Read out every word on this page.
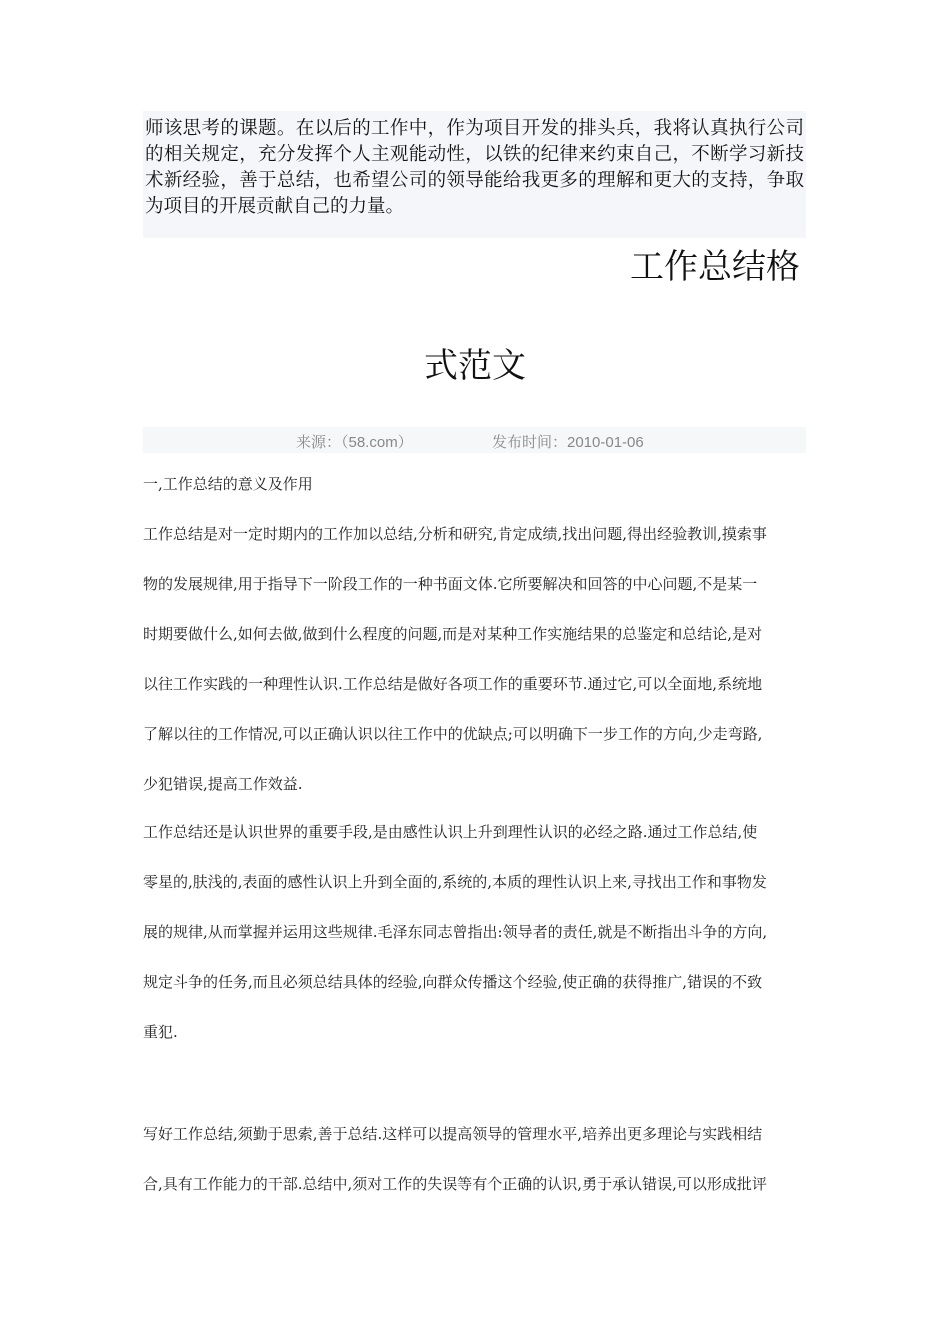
师该思考的课题。在以后的工作中，作为项目开发的排头兵，我将认真执行公司的相关规定，充分发挥个人主观能动性，以铁的纪律来约束自己，不断学习新技术新经验，善于总结，也希望公司的领导能给我更多的理解和更大的支持，争取为项目的开展贡献自己的力量。

工作总结格
式范文
来源：（58.com）	发布时间：2010-01-06

一,工作总结的意义及作用

工作总结是对一定时期内的工作加以总结,分析和研究,肯定成绩,找出问题,得出经验教训,摸索事

物的发展规律,用于指导下一阶段工作的一种书面文体.它所要解决和回答的中心问题,不是某一

时期要做什么,如何去做,做到什么程度的问题,而是对某种工作实施结果的总鉴定和总结论,是对

以往工作实践的一种理性认识.工作总结是做好各项工作的重要环节.通过它,可以全面地,系统地

了解以往的工作情况,可以正确认识以往工作中的优缺点;可以明确下一步工作的方向,少走弯路,

少犯错误,提高工作效益.

工作总结还是认识世界的重要手段,是由感性认识上升到理性认识的必经之路.通过工作总结,使

零星的,肤浅的,表面的感性认识上升到全面的,系统的,本质的理性认识上来,寻找出工作和事物发

展的规律,从而掌握并运用这些规律.毛泽东同志曾指出:领导者的责任,就是不断指出斗争的方向,

规定斗争的任务,而且必须总结具体的经验,向群众传播这个经验,使正确的获得推广,错误的不致

重犯.

写好工作总结,须勤于思索,善于总结.这样可以提高领导的管理水平,培养出更多理论与实践相结

合,具有工作能力的干部.总结中,须对工作的失误等有个正确的认识,勇于承认错误,可以形成批评
